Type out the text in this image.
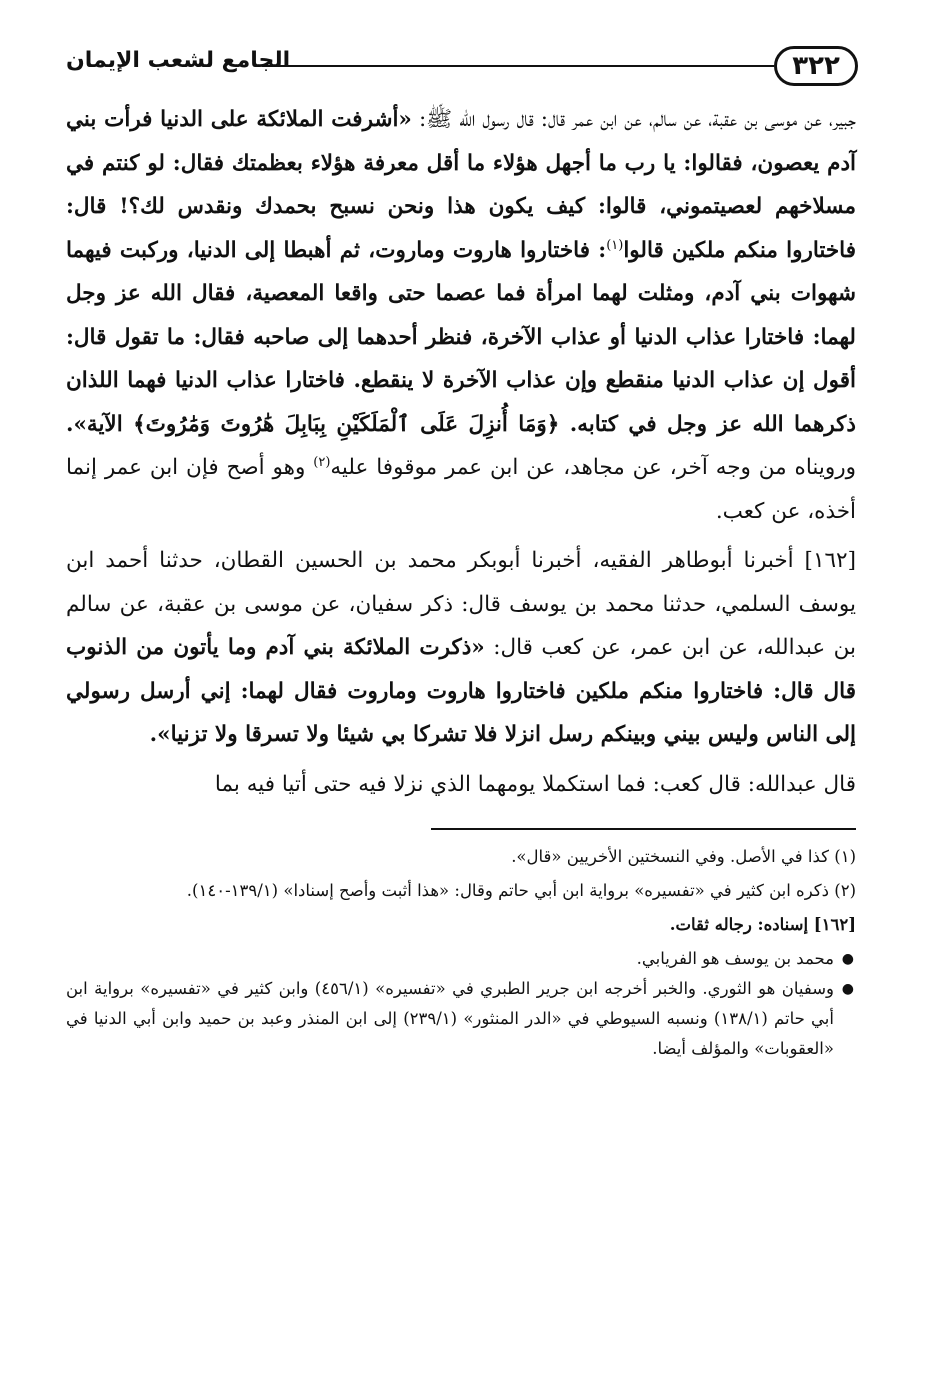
٣٢٢
الجامع لشعب الإيمان

جبير، عن موسى بن عقبة، عن سالم، عن ابن عمر قال: قال رسول الله ﷺ: «أشرفت الملائكة على الدنيا فرأت بني آدم يعصون، فقالوا: يا رب ما أجهل هؤلاء ما أقل معرفة هؤلاء بعظمتك فقال: لو كنتم في مسلاخهم لعصيتموني، قالوا: كيف يكون هذا ونحن نسبح بحمدك ونقدس لك؟! قال: فاختاروا منكم ملكين قالوا$^{(١)}$: فاختاروا هاروت وماروت، ثم أهبطا إلى الدنيا، وركبت فيهما شهوات بني آدم، ومثلت لهما امرأة فما عصما حتى واقعا المعصية، فقال الله عز وجل لهما: فاختارا عذاب الدنيا أو عذاب الآخرة، فنظر أحدهما إلى صاحبه فقال: ما تقول قال: أقول إن عذاب الدنيا منقطع وإن عذاب الآخرة لا ينقطع. فاختارا عذاب الدنيا فهما اللذان ذكرهما الله عز وجل في كتابه. ﴿وَمَا أُنزِلَ عَلَى ٱلْمَلَكَيْنِ بِبَابِلَ هَٰرُوتَ وَمَٰرُوتَ﴾ الآية». ورويناه من وجه آخر، عن مجاهد، عن ابن عمر موقوفا عليه$^{(٢)}$ وهو أصح فإن ابن عمر إنما أخذه، عن كعب.

[١٦٢] أخبرنا أبوطاهر الفقيه، أخبرنا أبوبكر محمد بن الحسين القطان، حدثنا أحمد ابن يوسف السلمي، حدثنا محمد بن يوسف قال: ذكر سفيان، عن موسى بن عقبة، عن سالم بن عبدالله، عن ابن عمر، عن كعب قال: «ذكرت الملائكة بني آدم وما يأتون من الذنوب قال قال: فاختاروا منكم ملكين فاختاروا هاروت وماروت فقال لهما: إني أرسل رسولي إلى الناس وليس بيني وبينكم رسل انزلا فلا تشركا بي شيئا ولا تسرقا ولا تزنيا».

قال عبدالله: قال كعب: فما استكملا يومهما الذي نزلا فيه حتى أتيا فيه بما

(١) كذا في الأصل. وفي النسختين الأخريين «قال».

(٢) ذكره ابن كثير في «تفسيره» برواية ابن أبي حاتم وقال: «هذا أثبت وأصح إسنادا» (١٣٩/١-١٤٠).

[١٦٢] إسناده: رجاله ثقات.

●
محمد بن يوسف هو الفريابي.
●
وسفيان هو الثوري. والخبر أخرجه ابن جرير الطبري في «تفسيره» (٤٥٦/١) وابن كثير في «تفسيره» برواية ابن أبي حاتم (١٣٨/١) ونسبه السيوطي في «الدر المنثور» (٢٣٩/١) إلى ابن المنذر وعبد بن حميد وابن أبي الدنيا في «العقوبات» والمؤلف أيضا.
